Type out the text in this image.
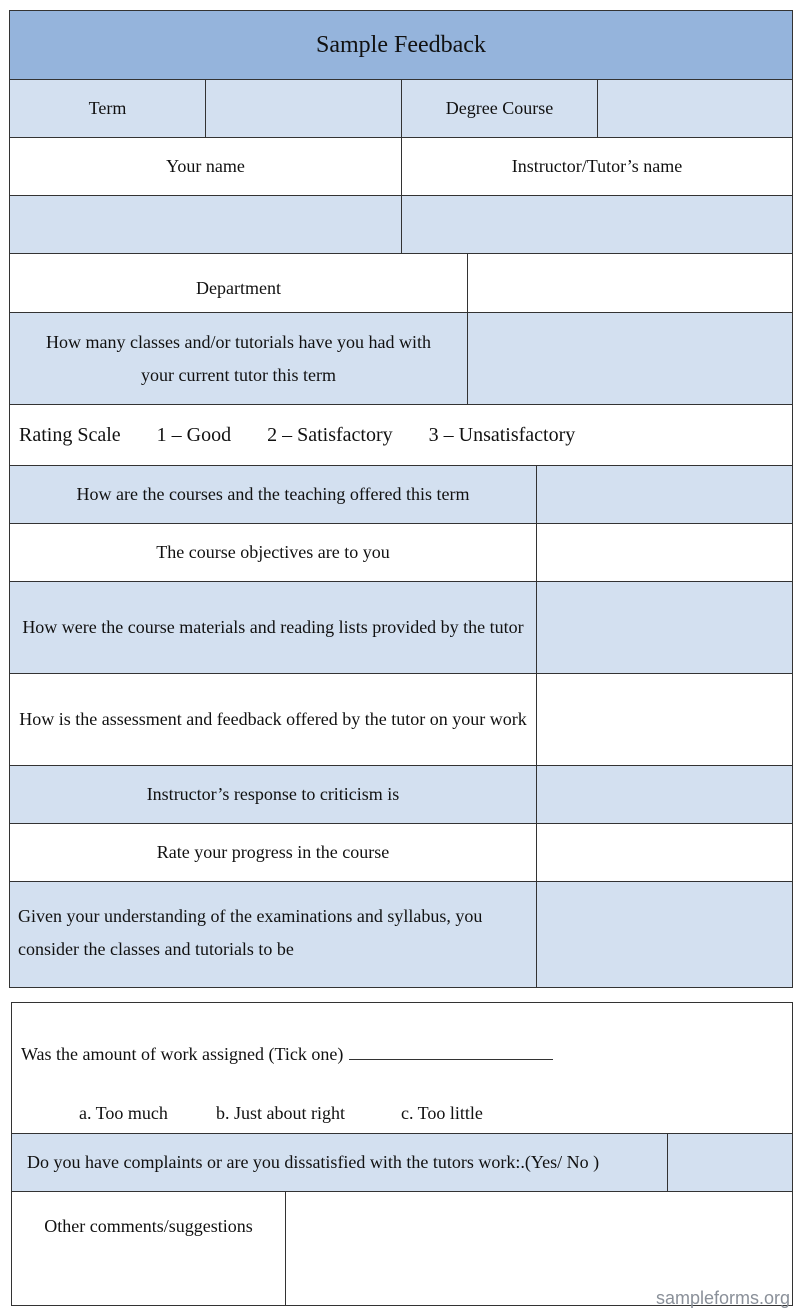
Sample Feedback
Term	Degree Course
Your name	Instructor/Tutor’s name
Department
How many classes and/or tutorials have you had with your current tutor this term
Rating Scale 1 – Good 2 – Satisfactory 3 – Unsatisfactory
How are the courses and the teaching offered this term
The course objectives are to you
How were the course materials and reading lists provided by the tutor
How is the assessment and feedback offered by the tutor on your work
Instructor’s response to criticism is
Rate your progress in the course
Given your understanding of the examinations and syllabus, you consider the classes and tutorials to be
Was the amount of work assigned (Tick one)
a. Too much	b. Just about right	c. Too little
Do you have complaints or are you dissatisfied with the tutors work:.(Yes/ No )
Other comments/suggestions
sampleforms.org
